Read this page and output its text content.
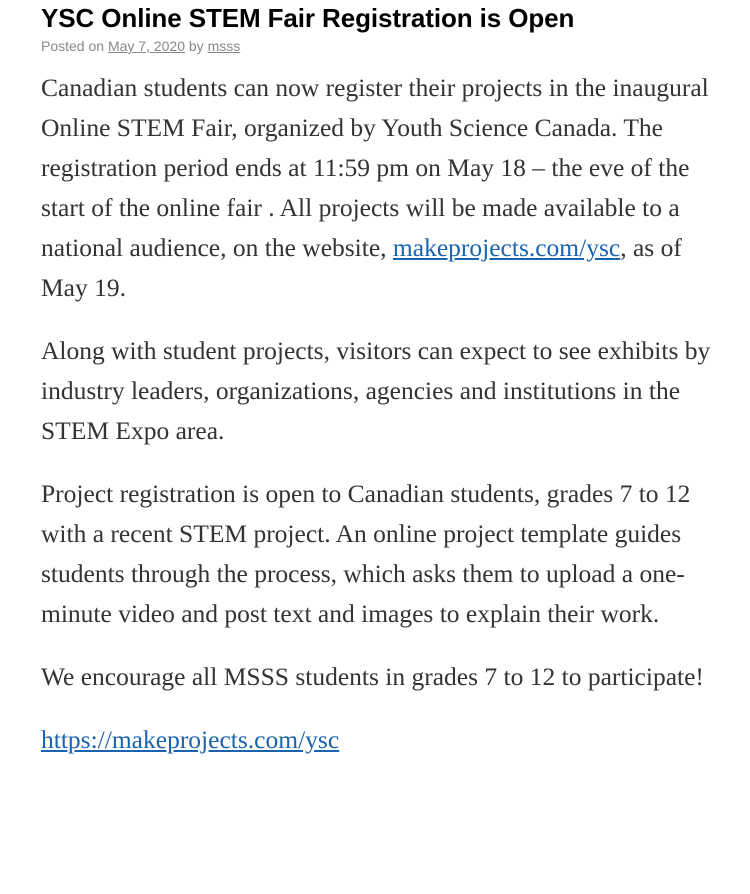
YSC Online STEM Fair Registration is Open
Posted on May 7, 2020 by msss

Canadian students can now register their projects in the inaugural Online STEM Fair, organized by Youth Science Canada. The registration period ends at 11:59 pm on May 18 – the eve of the start of the online fair . All projects will be made available to a national audience, on the website, makeprojects.com/ysc, as of May 19.

Along with student projects, visitors can expect to see exhibits by industry leaders, organizations, agencies and institutions in the STEM Expo area.

Project registration is open to Canadian students, grades 7 to 12 with a recent STEM project. An online project template guides students through the process, which asks them to upload a one-minute video and post text and images to explain their work.

We encourage all MSSS students in grades 7 to 12 to participate!

https://makeprojects.com/ysc
